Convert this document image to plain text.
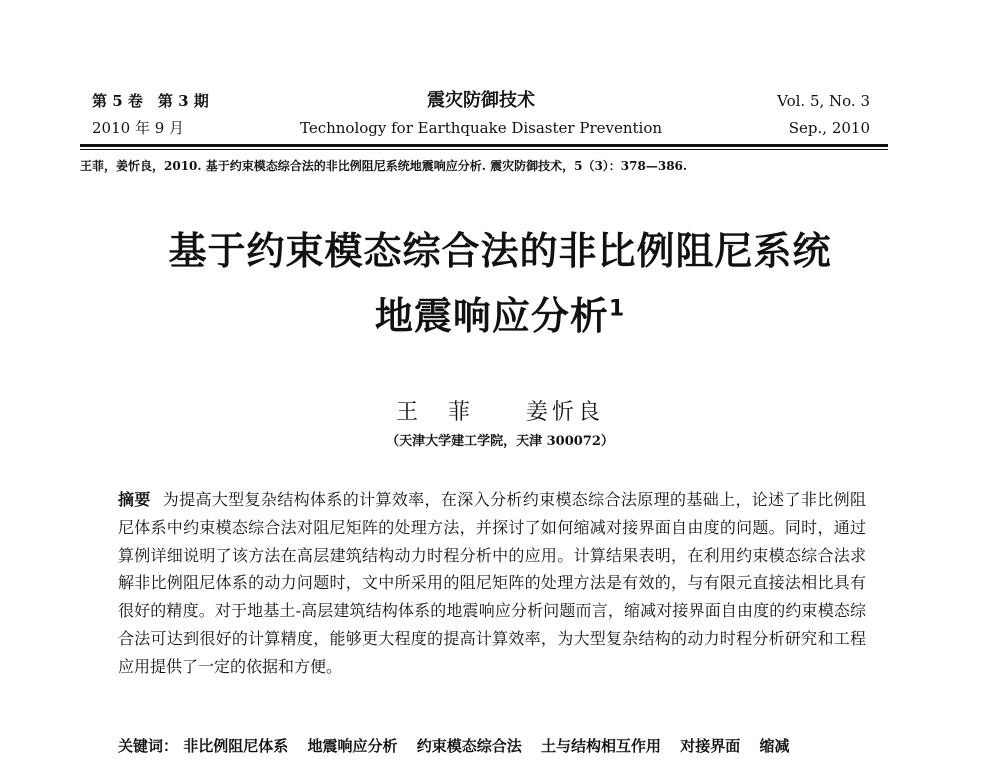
第 5 卷　第 3 期	震灾防御技术	Vol. 5, No. 3
2010 年 9 月	Technology for Earthquake Disaster Prevention	Sep., 2010
王菲，姜忻良，2010. 基于约束模态综合法的非比例阻尼系统地震响应分析. 震灾防御技术，5（3）：378—386.
基于约束模态综合法的非比例阻尼系统
地震响应分析$^1$
王　菲　　姜忻良
（天津大学建工学院，天津 300072）
摘要 为提高大型复杂结构体系的计算效率，在深入分析约束模态综合法原理的基础上，论述了非比例阻尼体系中约束模态综合法对阻尼矩阵的处理方法，并探讨了如何缩减对接界面自由度的问题。同时，通过算例详细说明了该方法在高层建筑结构动力时程分析中的应用。计算结果表明，在利用约束模态综合法求解非比例阻尼体系的动力问题时，文中所采用的阻尼矩阵的处理方法是有效的，与有限元直接法相比具有很好的精度。对于地基土-高层建筑结构体系的地震响应分析问题而言，缩减对接界面自由度的约束模态综合法可达到很好的计算精度，能够更大程度的提高计算效率，为大型复杂结构的动力时程分析研究和工程应用提供了一定的依据和方便。
关键词： 非比例阻尼体系 地震响应分析 约束模态综合法 土与结构相互作用 对接界面 缩减
